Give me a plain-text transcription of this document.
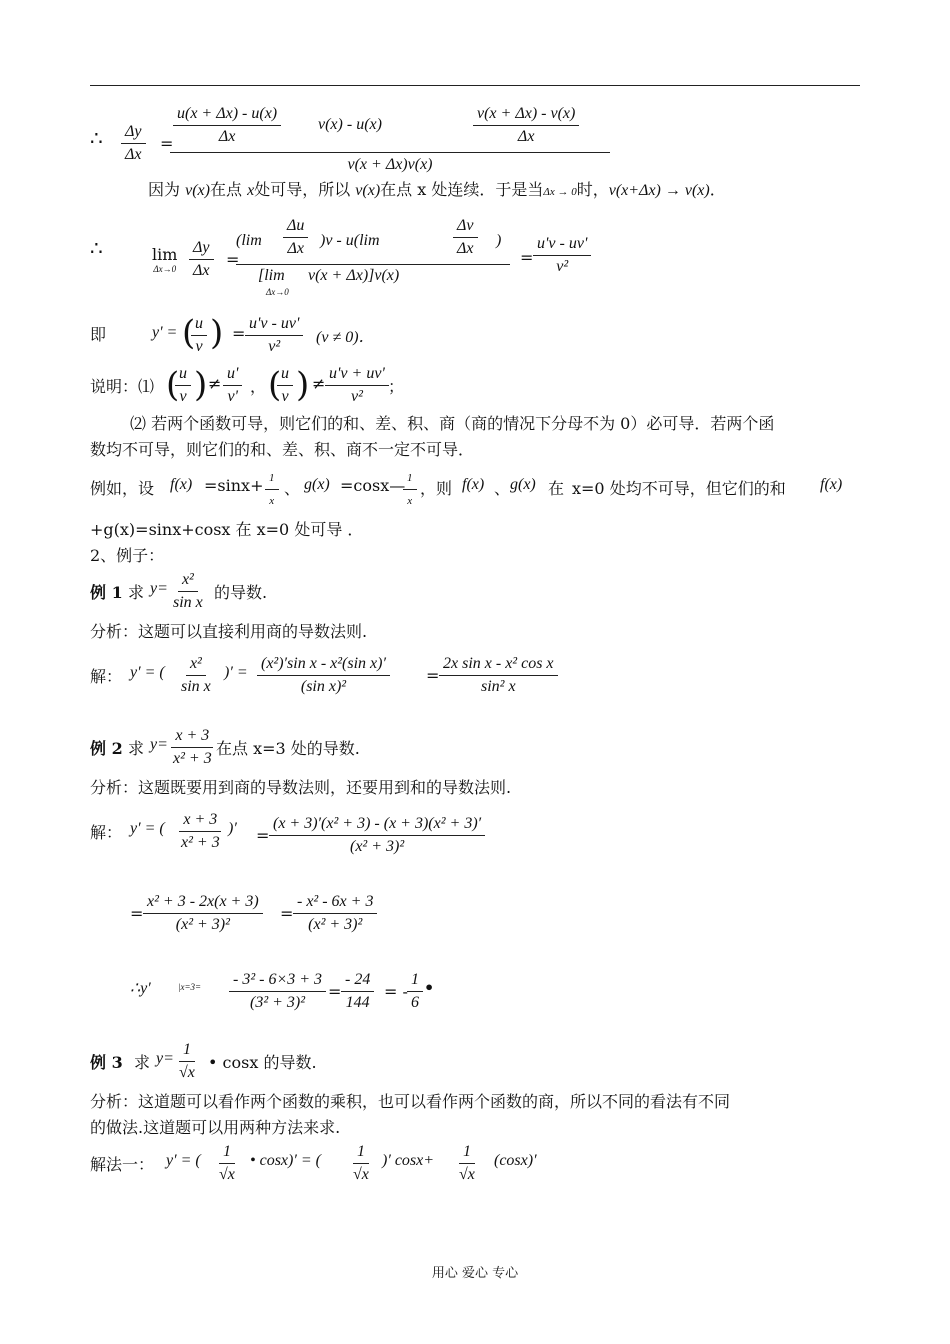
∴ $\frac{\Delta y}{\Delta x} = \frac{u(x + \Delta x) - u(x)}{\Delta x} v(x) - u(x)$	$\frac{v(x + \Delta x) - v(x)}{\Delta x}$
v(x + Δx)v(x)
因为 v(x)在点 x处可导，所以 v(x)在点 x 处连续．于是当Δx → 0时，v(x+Δx) → v(x)．
∴	lim
$\Delta x\to 0 \frac{\Delta y}{\Delta x}$ =
$(\lim \frac{\Delta u}{\Delta x} )v - u(\lim$	$\frac{\Delta v}{\Delta x}$ )
[lim v(x + Δx)]v(x)
Δx→0
= $\frac{u'v - uv'}{\text{v²}}$
即	y' = (
$\frac{u}{v}$ ) = $\frac{u'v - uv'}{\text{v²}} (v \ne 0)$．
说明：⑴ (
$\frac{u}{v}$ ) ≠ $\frac{u'}{v'}$ ， (
$\frac{u}{v}$ ) ≠ $\frac{u'v + uv'}{\text{v²}}$ ；
⑵ 若两个函数可导，则它们的和、差、积、商（商的情况下分母不为 0）必可导．若两个函
数均不可导，则它们的和、差、积、商不一定不可导．
例如，设 $f(x) =\sin x+ \frac{1}{x}$ 、 g(x) =cosx—
$\frac{1}{x}$ ，则 f(x) 、 g(x) 在 x=0 处均不可导，但它们的和 f(x)
+g(x)=sinx+cosx 在 x=0 处可导 ．
2、例子：
例 1 求 $y= \frac{\text{x²}}{\text{sin x}}$ 的导数.
分析：这题可以直接利用商的导数法则.
解： y′ = ( $\frac{\text{x²}}{\text{sin x}}$ )′ = $\frac{\text{(x²)′sin x - x²(sin x)′}}{\text{(sin x)²}} = \frac{\text{2x sin x - x² cos x}}{\text{sin² x}}$
例 2 求 $y= \frac{x + 3}{\text{x² + 3}}$ 在点 x=3 处的导数.
分析：这题既要用到商的导数法则，还要用到和的导数法则.
解： y′ = ( $\frac{x + 3}{\text{x² + 3}}$ )′ = $\frac{\text{(x + 3)′(x² + 3) - (x + 3)(x² + 3)′}}{\text{(x² + 3)²}}$
= $\frac{\text{x² + 3 - 2x(x + 3)}}{\text{(x² + 3)²}} = \frac{\text{- x² - 6x + 3}}{\text{(x² + 3)²}}$
∴y′	$|x=3= \frac{\text{- 3² - 6×3 + 3}}{\text{(3² + 3)²}} = \frac{- 24}{144}$ = - $\frac{1}{6}$ •
例 3 求 $y= \frac{1}{√x}$ • cosx 的导数.
分析：这道题可以看作两个函数的乘积，也可以看作两个函数的商，所以不同的看法有不同
的做法.这道题可以用两种方法来求.
解法一： y′ = ( $\frac{1}{√x}$ • cosx)′ = ( $\frac{1}{√x}$ )′ $\cos x+ \frac{1}{√x} (\cos x)'$
用心 爱心 专心
